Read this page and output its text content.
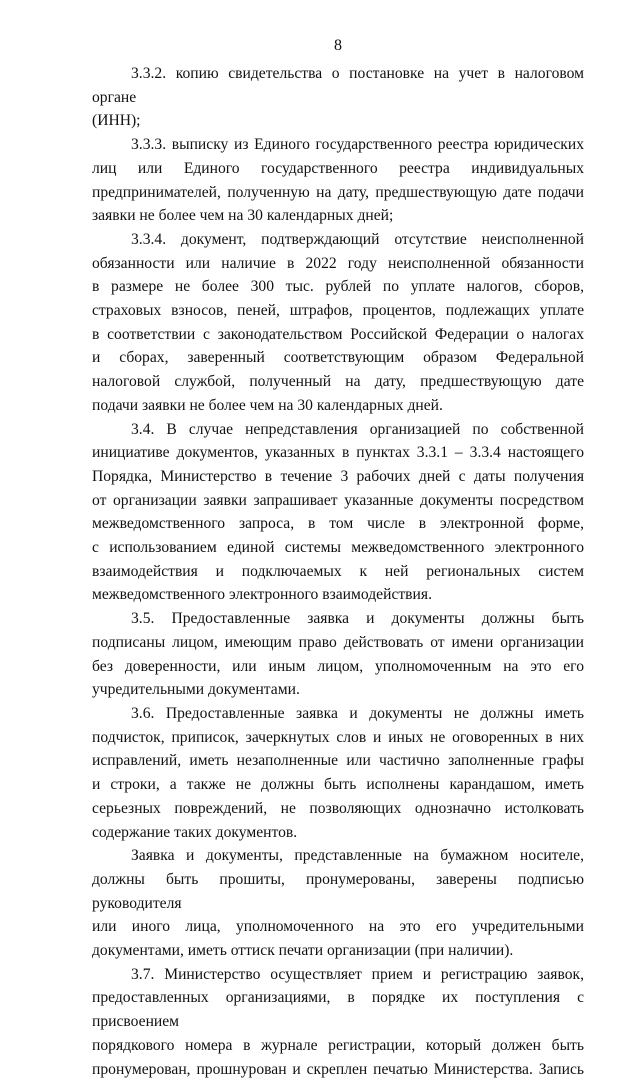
8
3.3.2. копию свидетельства о постановке на учет в налоговом органе
(ИНН);
3.3.3. выписку из Единого государственного реестра юридических
лиц или Единого государственного реестра индивидуальных
предпринимателей, полученную на дату, предшествующую дате подачи
заявки не более чем на 30 календарных дней;
3.3.4. документ, подтверждающий отсутствие неисполненной
обязанности или наличие в 2022 году неисполненной обязанности
в размере не более 300 тыс. рублей по уплате налогов, сборов,
страховых взносов, пеней, штрафов, процентов, подлежащих уплате
в соответствии с законодательством Российской Федерации о налогах
и сборах, заверенный соответствующим образом Федеральной
налоговой службой, полученный на дату, предшествующую дате
подачи заявки не более чем на 30 календарных дней.
3.4. В случае непредставления организацией по собственной
инициативе документов, указанных в пунктах 3.3.1 – 3.3.4 настоящего
Порядка, Министерство в течение 3 рабочих дней с даты получения
от организации заявки запрашивает указанные документы посредством
межведомственного запроса, в том числе в электронной форме,
с использованием единой системы межведомственного электронного
взаимодействия и подключаемых к ней региональных систем
межведомственного электронного взаимодействия.
3.5. Предоставленные заявка и документы должны быть
подписаны лицом, имеющим право действовать от имени организации
без доверенности, или иным лицом, уполномоченным на это его
учредительными документами.
3.6. Предоставленные заявка и документы не должны иметь
подчисток, приписок, зачеркнутых слов и иных не оговоренных в них
исправлений, иметь незаполненные или частично заполненные графы
и строки, а также не должны быть исполнены карандашом, иметь
серьезных повреждений, не позволяющих однозначно истолковать
содержание таких документов.
Заявка и документы, представленные на бумажном носителе,
должны быть прошиты, пронумерованы, заверены подписью руководителя
или иного лица, уполномоченного на это его учредительными
документами, иметь оттиск печати организации (при наличии).
3.7. Министерство осуществляет прием и регистрацию заявок,
предоставленных организациями, в порядке их поступления с присвоением
порядкового номера в журнале регистрации, который должен быть
пронумерован, прошнурован и скреплен печатью Министерства. Запись
